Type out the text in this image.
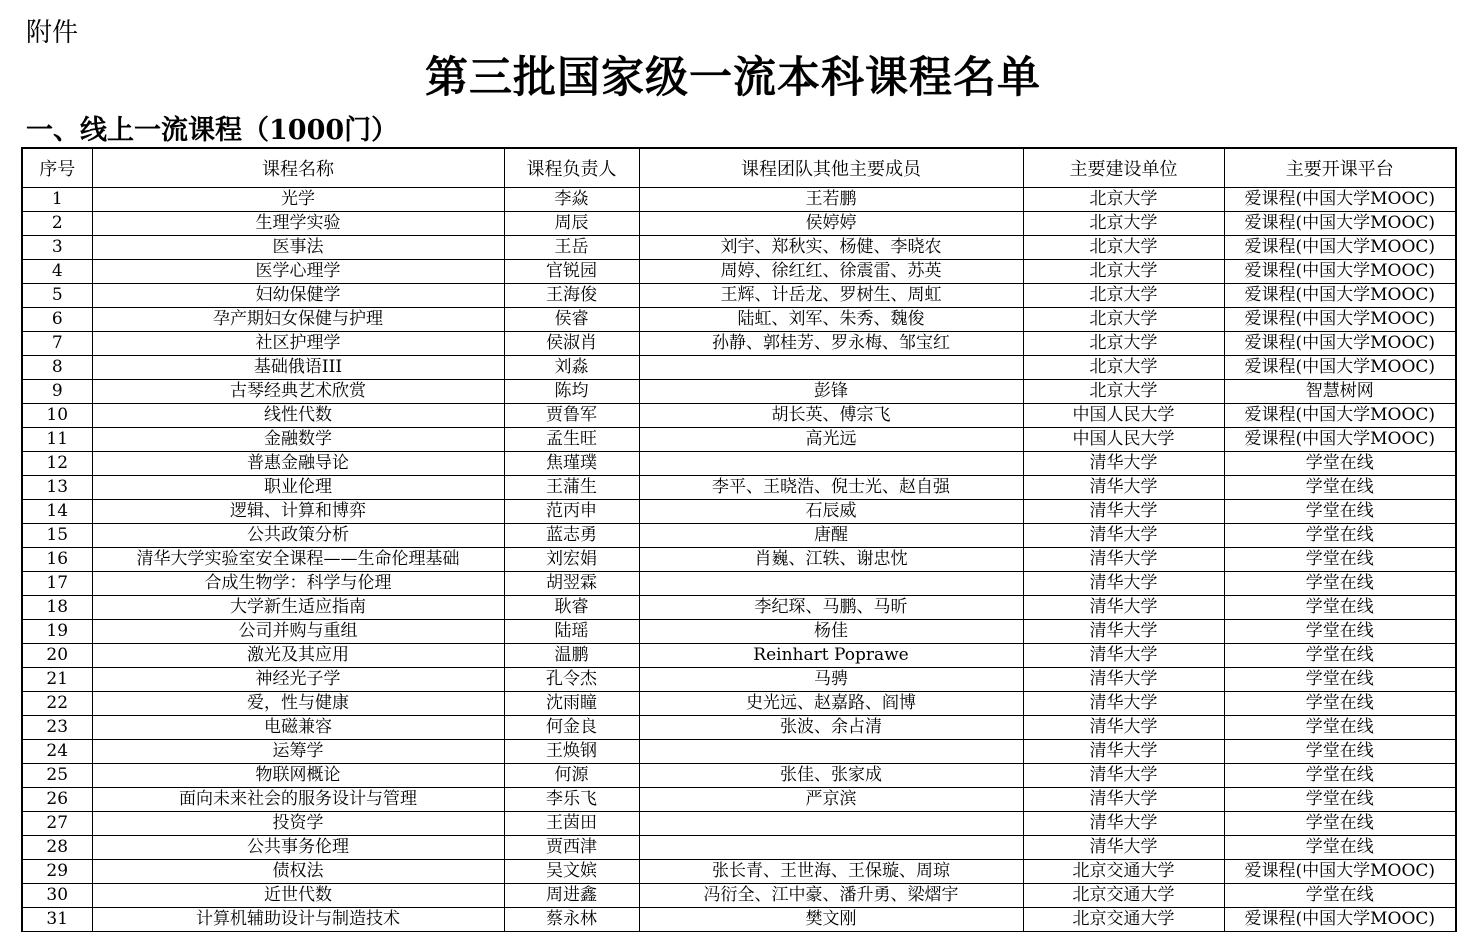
附件
第三批国家级一流本科课程名单
一、线上一流课程（1000门）
序号	课程名称	课程负责人	课程团队其他主要成员	主要建设单位	主要开课平台
1	光学	李焱	王若鹏	北京大学	爱课程(中国大学MOOC)
2	生理学实验	周辰	侯婷婷	北京大学	爱课程(中国大学MOOC)
3	医事法	王岳	刘宇、郑秋实、杨健、李晓农	北京大学	爱课程(中国大学MOOC)
4	医学心理学	官锐园	周婷、徐红红、徐震雷、苏英	北京大学	爱课程(中国大学MOOC)
5	妇幼保健学	王海俊	王辉、计岳龙、罗树生、周虹	北京大学	爱课程(中国大学MOOC)
6	孕产期妇女保健与护理	侯睿	陆虹、刘军、朱秀、魏俊	北京大学	爱课程(中国大学MOOC)
7	社区护理学	侯淑肖	孙静、郭桂芳、罗永梅、邹宝红	北京大学	爱课程(中国大学MOOC)
8	基础俄语III	刘淼		北京大学	爱课程(中国大学MOOC)
9	古琴经典艺术欣赏	陈均	彭锋	北京大学	智慧树网
10	线性代数	贾鲁军	胡长英、傅宗飞	中国人民大学	爱课程(中国大学MOOC)
11	金融数学	孟生旺	高光远	中国人民大学	爱课程(中国大学MOOC)
12	普惠金融导论	焦瑾璞		清华大学	学堂在线
13	职业伦理	王蒲生	李平、王晓浩、倪士光、赵自强	清华大学	学堂在线
14	逻辑、计算和博弈	范丙申	石辰威	清华大学	学堂在线
15	公共政策分析	蓝志勇	唐醒	清华大学	学堂在线
16	清华大学实验室安全课程——生命伦理基础	刘宏娟	肖巍、江轶、谢忠忱	清华大学	学堂在线
17	合成生物学：科学与伦理	胡翌霖		清华大学	学堂在线
18	大学新生适应指南	耿睿	李纪琛、马鹏、马昕	清华大学	学堂在线
19	公司并购与重组	陆瑶	杨佳	清华大学	学堂在线
20	激光及其应用	温鹏	Reinhart Poprawe	清华大学	学堂在线
21	神经光子学	孔令杰	马骋	清华大学	学堂在线
22	爱，性与健康	沈雨瞳	史光远、赵嘉路、阎博	清华大学	学堂在线
23	电磁兼容	何金良	张波、余占清	清华大学	学堂在线
24	运筹学	王焕钢		清华大学	学堂在线
25	物联网概论	何源	张佳、张家成	清华大学	学堂在线
26	面向未来社会的服务设计与管理	李乐飞	严京滨	清华大学	学堂在线
27	投资学	王茵田		清华大学	学堂在线
28	公共事务伦理	贾西津		清华大学	学堂在线
29	债权法	吴文嫔	张长青、王世海、王保璇、周琼	北京交通大学	爱课程(中国大学MOOC)
30	近世代数	周进鑫	冯衍全、江中豪、潘升勇、梁熠宇	北京交通大学	学堂在线
31	计算机辅助设计与制造技术	蔡永林	樊文刚	北京交通大学	爱课程(中国大学MOOC)
